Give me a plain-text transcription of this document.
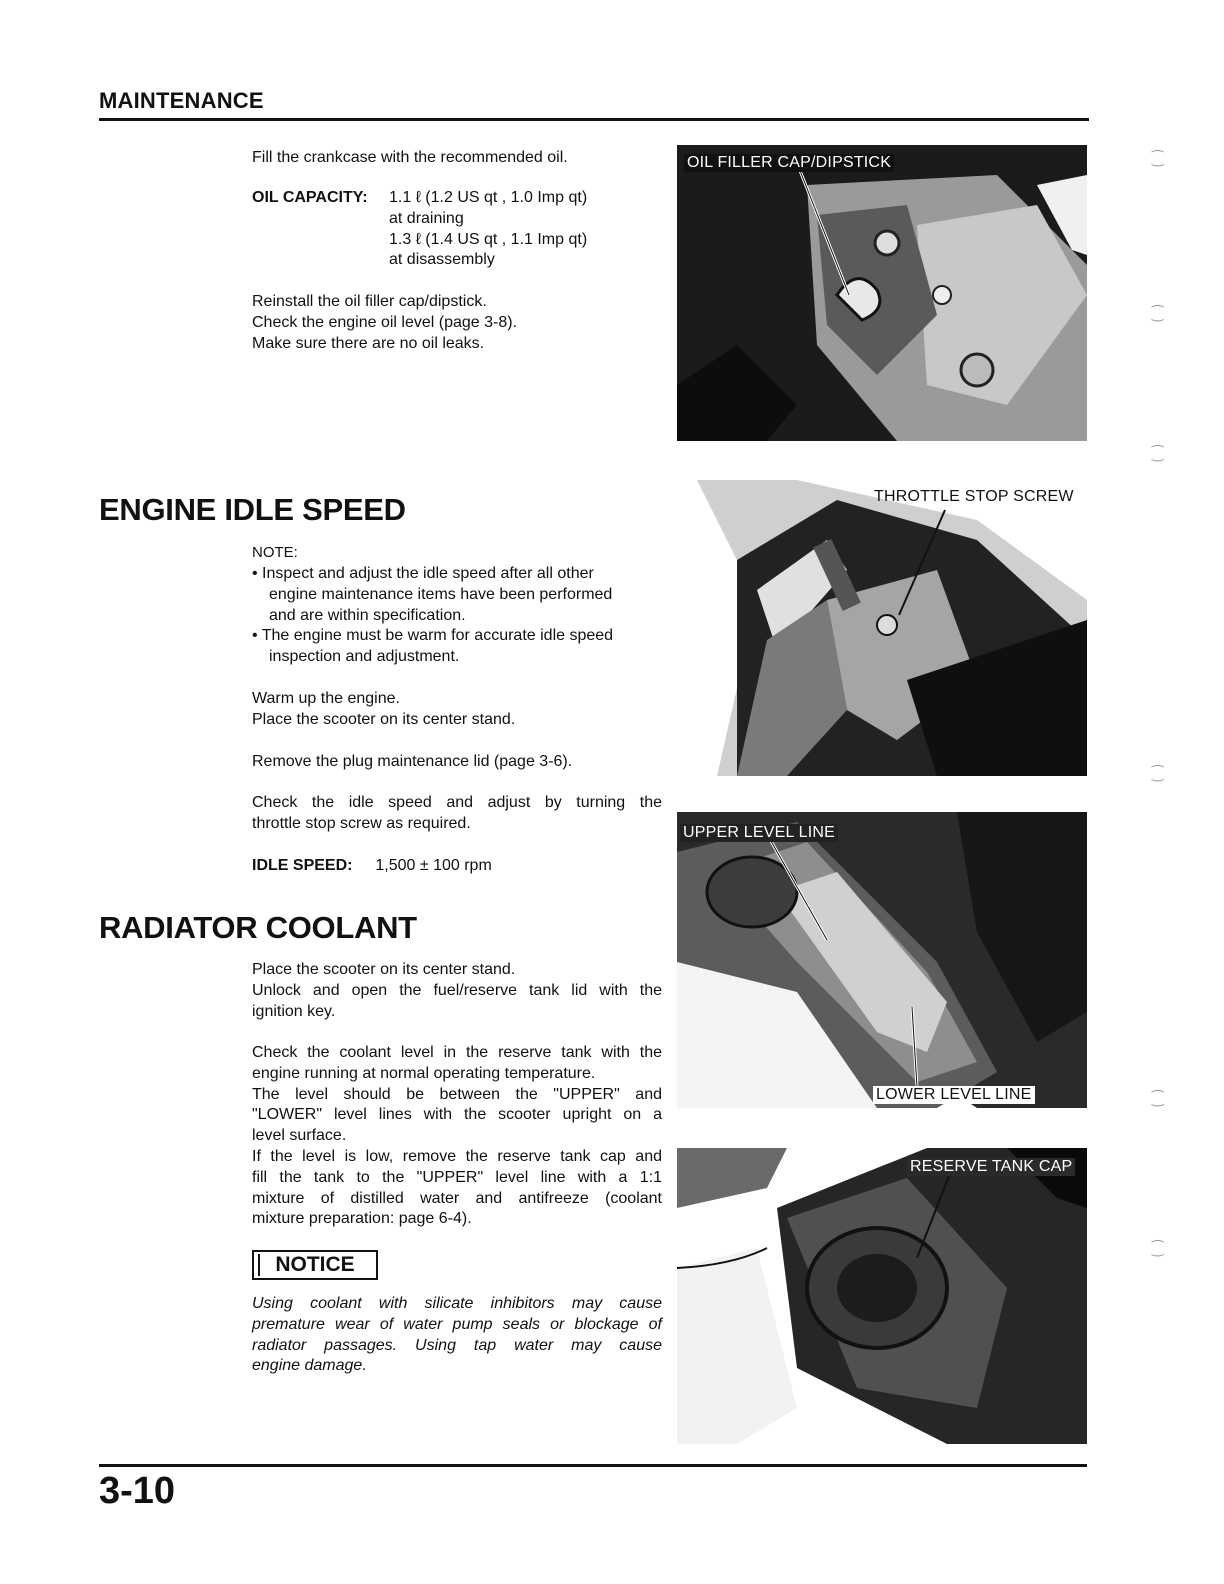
MAINTENANCE
Fill the crankcase with the recommended oil.
OIL CAPACITY: 1.1 ℓ (1.2 US qt , 1.0 Imp qt)
at draining
1.3 ℓ (1.4 US qt , 1.1 Imp qt)
at disassembly
Reinstall the oil filler cap/dipstick.
Check the engine oil level (page 3-8).
Make sure there are no oil leaks.
OIL FILLER CAP/DIPSTICK
ENGINE IDLE SPEED
NOTE:
• Inspect and adjust the idle speed after all other
engine maintenance items have been performed
and are within specification.
• The engine must be warm for accurate idle speed
inspection and adjustment.
Warm up the engine.
Place the scooter on its center stand.
Remove the plug maintenance lid (page 3-6).
Check the idle speed and adjust by turning the
throttle stop screw as required.
IDLE SPEED: 1,500 ± 100 rpm
THROTTLE STOP SCREW
RADIATOR COOLANT
Place the scooter on its center stand.
Unlock and open the fuel/reserve tank lid with the
ignition key.
Check the coolant level in the reserve tank with the
engine running at normal operating temperature.
The level should be between the "UPPER" and
"LOWER" level lines with the scooter upright on a
level surface.
If the level is low, remove the reserve tank cap and
fill the tank to the "UPPER" level line with a 1:1
mixture of distilled water and antifreeze (coolant
mixture preparation: page 6-4).
NOTICE
Using coolant with silicate inhibitors may cause
premature wear of water pump seals or blockage of
radiator passages. Using tap water may cause
engine damage.
UPPER LEVEL LINE
LOWER LEVEL LINE
RESERVE TANK CAP
⁐
⁐
⁐
⁐
⁐
⁐
3-10
